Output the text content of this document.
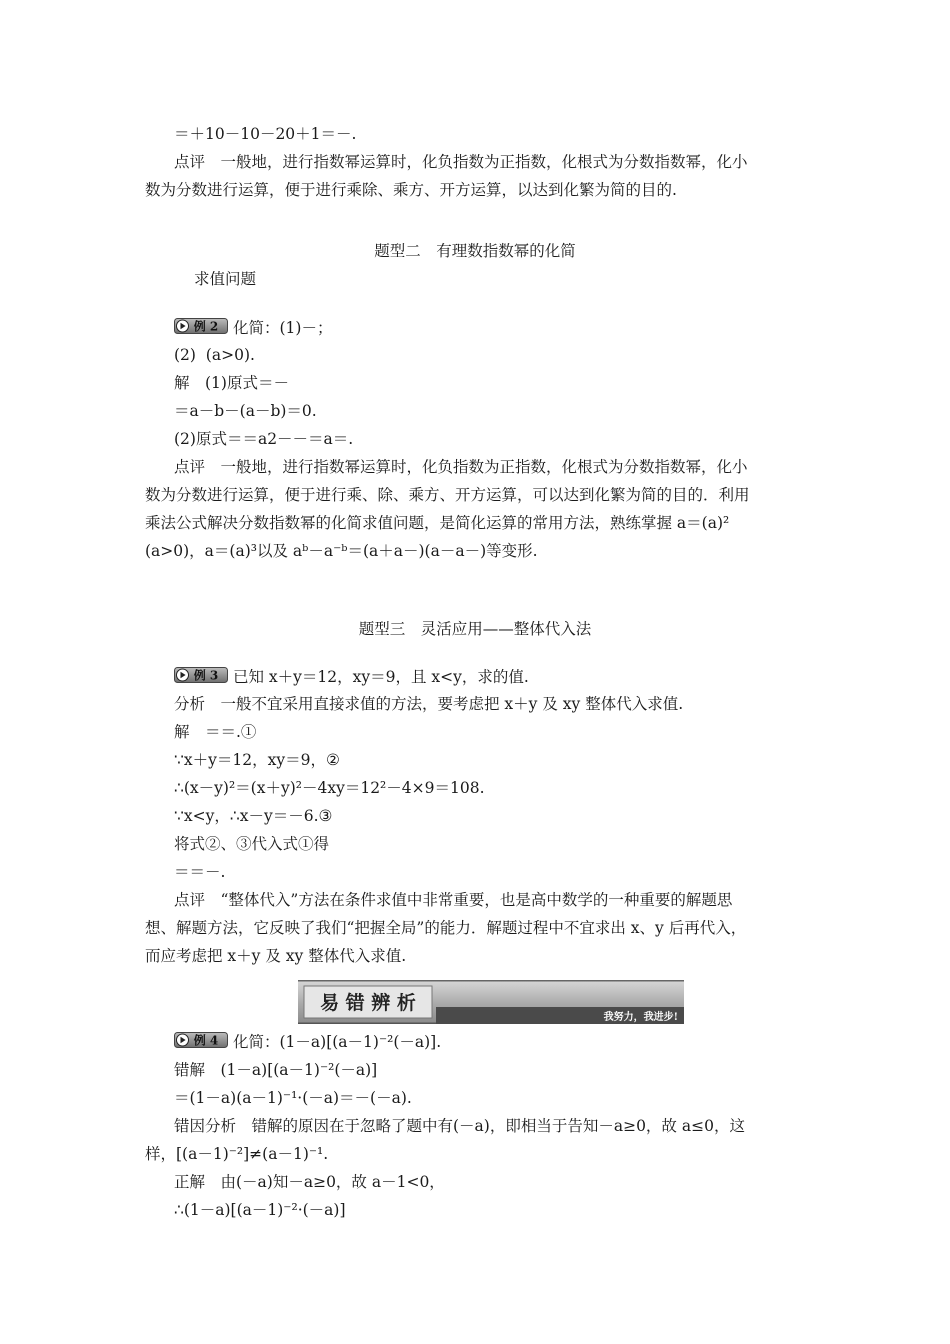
＝＋10－10－20＋1＝－.
点评　一般地，进行指数幂运算时，化负指数为正指数，化根式为分数指数幂，化小
数为分数进行运算，便于进行乘除、乘方、开方运算，以达到化繁为简的目的.
题型二　有理数指数幂的化简
求值问题
例 2 化简：(1)－；
(2)  (a>0).
解　(1)原式＝－
＝a－b－(a－b)＝0.
(2)原式＝＝a2－－＝a＝.
点评　一般地，进行指数幂运算时，化负指数为正指数，化根式为分数指数幂，化小
数为分数进行运算，便于进行乘、除、乘方、开方运算，可以达到化繁为简的目的．利用
乘法公式解决分数指数幂的化简求值问题，是简化运算的常用方法，熟练掌握 a＝(a)²
(a>0)，a＝(a)³以及 aᵇ－a⁻ᵇ＝(a＋a－)(a－a－)等变形.
题型三　灵活应用——整体代入法
例 3 已知 x＋y＝12，xy＝9，且 x<y，求的值.
分析　一般不宜采用直接求值的方法，要考虑把 x＋y 及 xy 整体代入求值.
解　＝＝.①
∵x＋y＝12，xy＝9，②
∴(x－y)²＝(x＋y)²－4xy＝12²－4×9＝108.
∵x<y，∴x－y＝－6.③
将式②、③代入式①得
＝＝－.
点评　“整体代入”方法在条件求值中非常重要，也是高中数学的一种重要的解题思
想、解题方法，它反映了我们“把握全局”的能力．解题过程中不宜求出 x、y 后再代入，
而应考虑把 x＋y 及 xy 整体代入求值.
易 错 辨 析
我努力，我进步!
例 4 化简：(1－a)[(a－1)⁻²(－a)].
错解　(1－a)[(a－1)⁻²(－a)]
＝(1－a)(a－1)⁻¹·(－a)＝－(－a).
错因分析　错解的原因在于忽略了题中有(－a)，即相当于告知－a≥0，故 a≤0，这
样，[(a－1)⁻²]≠(a－1)⁻¹.
正解　由(－a)知－a≥0，故 a－1<0，
∴(1－a)[(a－1)⁻²·(－a)]
